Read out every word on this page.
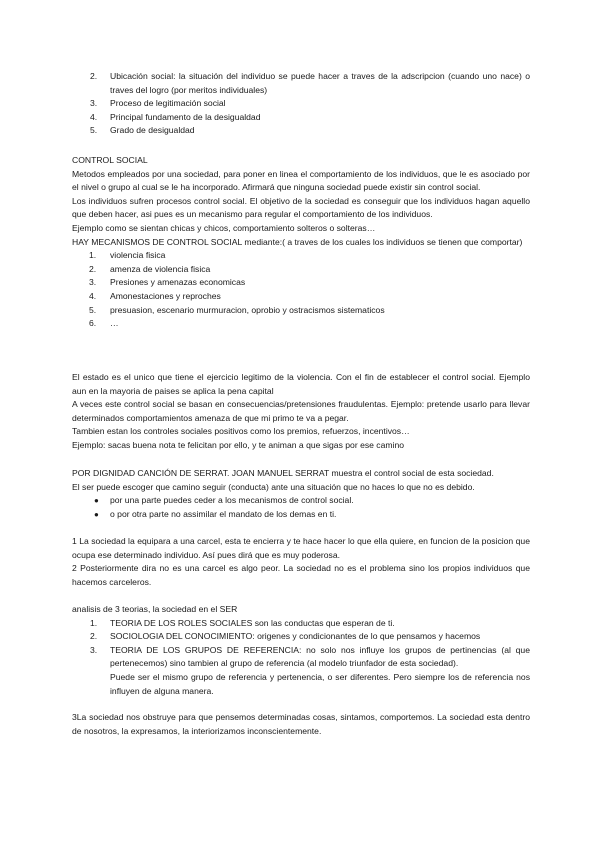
2. Ubicación social: la situación del individuo se puede hacer a traves de la adscripcion (cuando uno nace) o traves del logro (por meritos individuales)
3. Proceso de legitimación social
4. Principal fundamento de la desigualdad
5. Grado de desigualdad

CONTROL SOCIAL

Metodos empleados por una sociedad, para poner en linea el comportamiento de los individuos, que le es asociado por el nivel o grupo al cual se le ha incorporado. Afirmará que ninguna sociedad puede existir sin control social.

Los individuos sufren procesos control social. El objetivo de la sociedad es conseguir que los individuos hagan aquello que deben hacer, asi pues es un mecanismo para regular el comportamiento de los individuos.

Ejemplo como se sientan chicas y chicos, comportamiento solteros o solteras…

HAY MECANISMOS DE CONTROL SOCIAL mediante:( a traves de los cuales los individuos se tienen que comportar)

1. violencia fisica
2. amenza de violencia fisica
3. Presiones y amenazas economicas
4. Amonestaciones y reproches
5. presuasion, escenario murmuracion, oprobio y ostracismos sistematicos
6. …

El estado es el unico que tiene el ejercicio legitimo de la violencia. Con el fin de establecer el control social. Ejemplo aun en la mayoria de paises se aplica la pena capital

A veces este control social se basan en consecuencias/pretensiones fraudulentas. Ejemplo: pretende usarlo para llevar determinados comportamientos amenaza de que mi primo te va a pegar.

Tambien estan los controles sociales positivos como los premios, refuerzos, incentivos…

Ejemplo: sacas buena nota te felicitan por ello, y te animan a que sigas por ese camino

POR DIGNIDAD CANCIÓN DE SERRAT. JOAN MANUEL SERRAT muestra el control social de esta sociedad.

El ser puede escoger que camino seguir (conducta) ante una situación que no haces lo que no es debido.

● por una parte puedes ceder a los mecanismos de control social.
● o por otra parte no assimilar el mandato de los demas en ti.

1 La sociedad la equipara a una carcel, esta te encierra y te hace hacer lo que ella quiere, en funcion de la posicion que ocupa ese determinado individuo. Así pues dirá que es muy poderosa.

2 Posteriormente dira no es una carcel es algo peor. La sociedad no es el problema sino los propios individuos que hacemos carceleros.

analisis de 3 teorias, la sociedad en el SER

1. TEORIA DE LOS ROLES SOCIALES son las conductas que esperan de ti.
2. SOCIOLOGIA DEL CONOCIMIENTO: origenes y condicionantes de lo que pensamos y hacemos
3. TEORIA DE LOS GRUPOS DE REFERENCIA: no solo nos influye los grupos de pertinencias (al que pertenecemos) sino tambien al grupo de referencia (al modelo triunfador de esta sociedad).
Puede ser el mismo grupo de referencia y pertenencia, o ser diferentes. Pero siempre los de referencia nos influyen de alguna manera.

3La sociedad nos obstruye para que pensemos determinadas cosas, sintamos, comportemos. La sociedad esta dentro de nosotros, la expresamos, la interiorizamos inconscientemente.
